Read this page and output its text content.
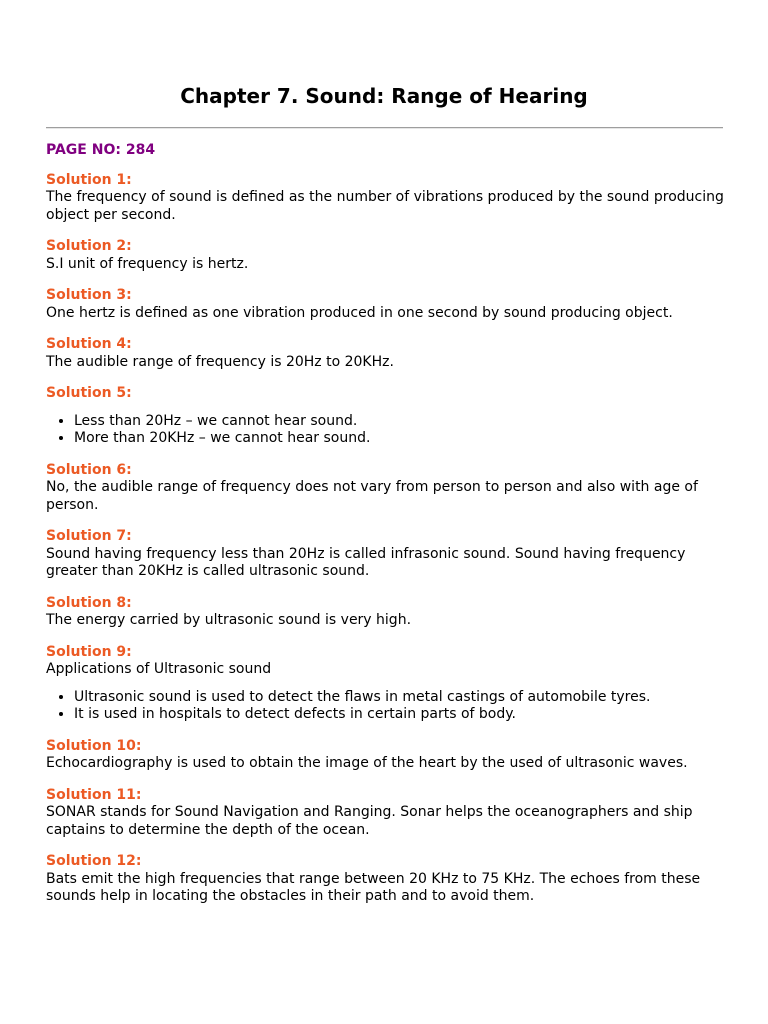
Chapter 7. Sound: Range of Hearing
PAGE NO: 284
Solution 1:
The frequency of sound is defined as the number of vibrations produced by the sound producing object per second.
Solution 2:
S.I unit of frequency is hertz.
Solution 3:
One hertz is defined as one vibration produced in one second by sound producing object.
Solution 4:
The audible range of frequency is 20Hz to 20KHz.
Solution 5:
• Less than 20Hz – we cannot hear sound.
• More than 20KHz – we cannot hear sound.
Solution 6:
No, the audible range of frequency does not vary from person to person and also with age of person.
Solution 7:
Sound having frequency less than 20Hz is called infrasonic sound. Sound having frequency greater than 20KHz is called ultrasonic sound.
Solution 8:
The energy carried by ultrasonic sound is very high.
Solution 9:
Applications of Ultrasonic sound
• Ultrasonic sound is used to detect the flaws in metal castings of automobile tyres.
• It is used in hospitals to detect defects in certain parts of body.
Solution 10:
Echocardiography is used to obtain the image of the heart by the used of ultrasonic waves.
Solution 11:
SONAR stands for Sound Navigation and Ranging. Sonar helps the oceanographers and ship captains to determine the depth of the ocean.
Solution 12:
Bats emit the high frequencies that range between 20 KHz to 75 KHz. The echoes from these sounds help in locating the obstacles in their path and to avoid them.
